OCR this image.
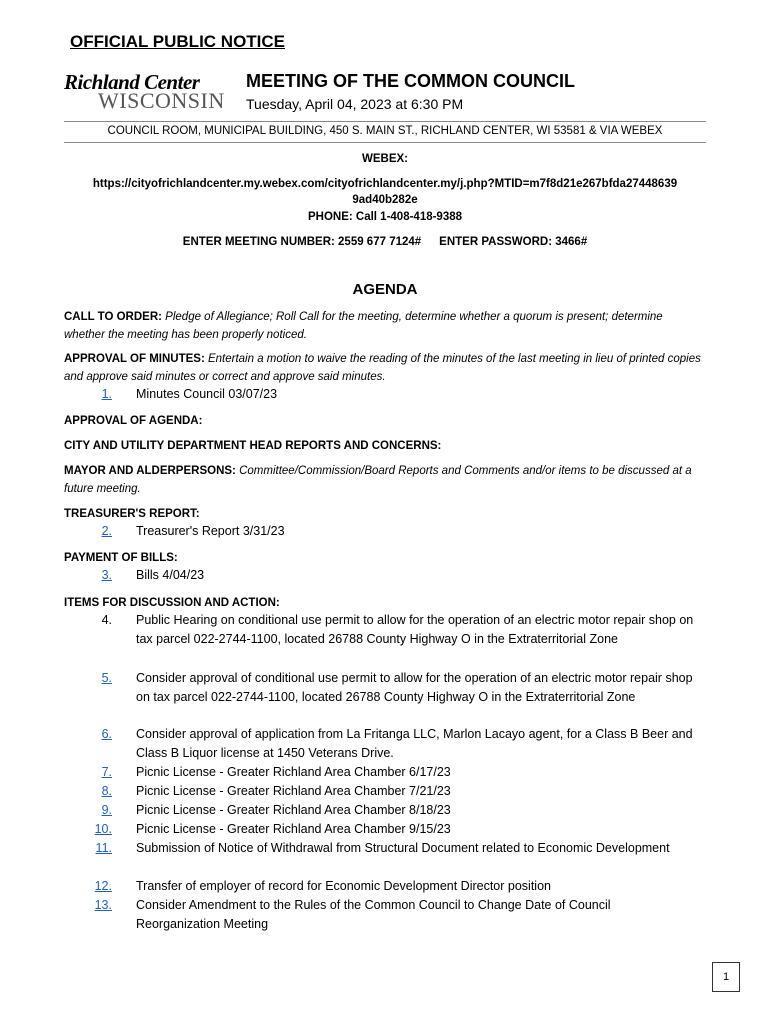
OFFICIAL PUBLIC NOTICE
Richland Center
WISCONSIN
MEETING OF THE COMMON COUNCIL
Tuesday, April 04, 2023 at 6:30 PM
COUNCIL ROOM, MUNICIPAL BUILDING, 450 S. MAIN ST., RICHLAND CENTER, WI 53581 & VIA WEBEX
WEBEX:
https://cityofrichlandcenter.my.webex.com/cityofrichlandcenter.my/j.php?MTID=m7f8d21e267bfda27448639
9ad40b282e
PHONE: Call 1-408-418-9388
ENTER MEETING NUMBER: 2559 677 7124# ENTER PASSWORD: 3466#
AGENDA
CALL TO ORDER: Pledge of Allegiance; Roll Call for the meeting, determine whether a quorum is present; determine whether the meeting has been properly noticed.
APPROVAL OF MINUTES: Entertain a motion to waive the reading of the minutes of the last meeting in lieu of printed copies and approve said minutes or correct and approve said minutes.
1. Minutes Council 03/07/23
APPROVAL OF AGENDA:
CITY AND UTILITY DEPARTMENT HEAD REPORTS AND CONCERNS:
MAYOR AND ALDERPERSONS: Committee/Commission/Board Reports and Comments and/or items to be discussed at a future meeting.
TREASURER'S REPORT:
2. Treasurer's Report 3/31/23
PAYMENT OF BILLS:
3. Bills 4/04/23
ITEMS FOR DISCUSSION AND ACTION:
4. Public Hearing on conditional use permit to allow for the operation of an electric motor repair shop on tax parcel 022-2744-1100, located 26788 County Highway O in the Extraterritorial Zone
5. Consider approval of conditional use permit to allow for the operation of an electric motor repair shop on tax parcel 022-2744-1100, located 26788 County Highway O in the Extraterritorial Zone
6. Consider approval of application from La Fritanga LLC, Marlon Lacayo agent, for a Class B Beer and Class B Liquor license at 1450 Veterans Drive.
7. Picnic License - Greater Richland Area Chamber 6/17/23
8. Picnic License - Greater Richland Area Chamber 7/21/23
9. Picnic License - Greater Richland Area Chamber 8/18/23
10. Picnic License - Greater Richland Area Chamber 9/15/23
11. Submission of Notice of Withdrawal from Structural Document related to Economic Development
12. Transfer of employer of record for Economic Development Director position
13. Consider Amendment to the Rules of the Common Council to Change Date of Council Reorganization Meeting
1
